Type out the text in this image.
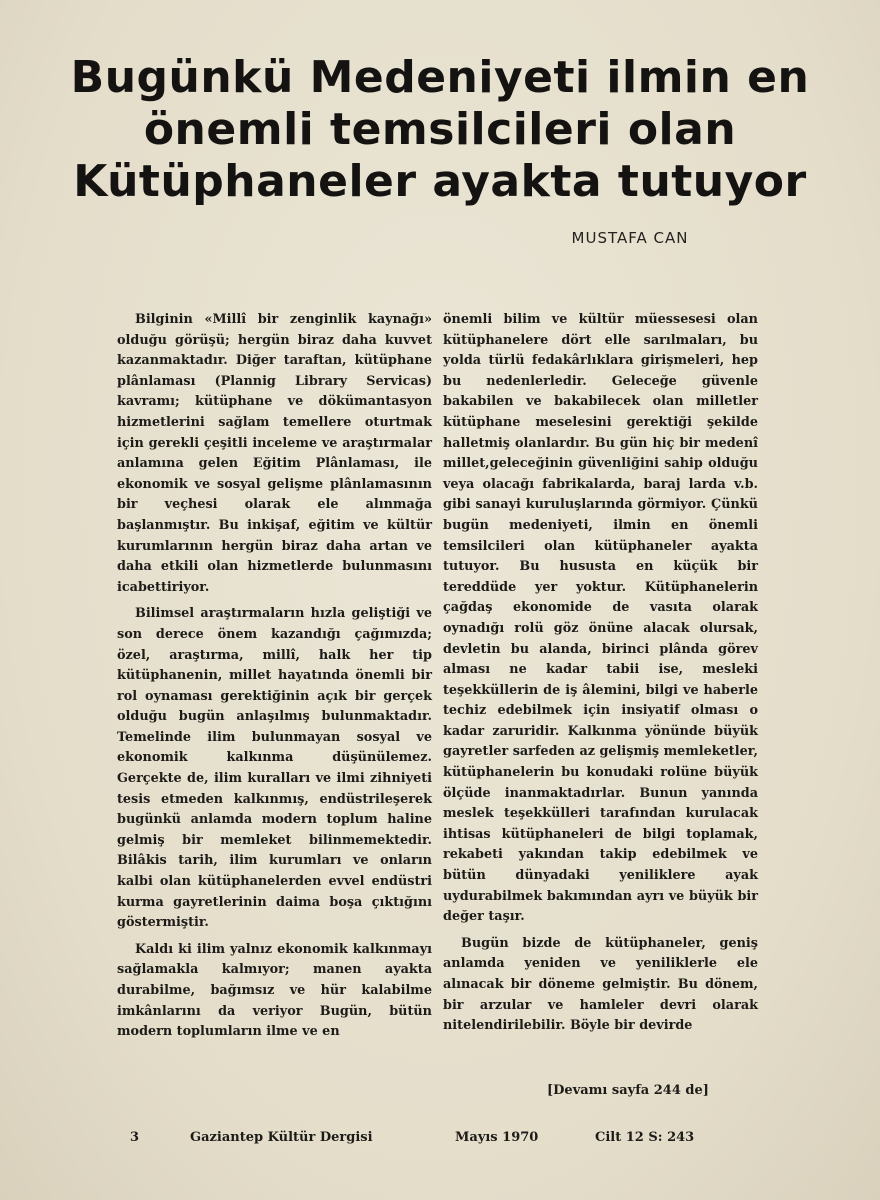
Bugünkü Medeniyeti ilmin en
önemli temsilcileri olan
Kütüphaneler ayakta tutuyor
MUSTAFA CAN

Bilginin «Millî bir zenginlik kaynağı» olduğu görüşü; hergün biraz daha kuvvet kazanmaktadır. Diğer taraftan, kütüphane plânlaması (Plannig Library Servicas) kavramı; kütüphane ve dökümantasyon hizmetlerini sağlam temellere oturtmak için gerekli çeşitli inceleme ve araştırmalar anlamına gelen Eğitim Plânlaması, ile ekonomik ve sosyal gelişme plânlamasının bir veçhesi olarak ele alınmağa başlanmıştır. Bu inkişaf, eğitim ve kültür kurumlarının hergün biraz daha artan ve daha etkili olan hizmetlerde bulunmasını icabettiriyor.

Bilimsel araştırmaların hızla geliştiği ve son derece önem kazandığı çağımızda; özel, araştırma, millî, halk her tip kütüphanenin, millet hayatında önemli bir rol oynaması gerektiğinin açık bir gerçek olduğu bugün anlaşılmış bulunmaktadır. Temelinde ilim bulunmayan sosyal ve ekonomik kalkınma düşünülemez. Gerçekte de, ilim kuralları ve ilmi zihniyeti tesis etmeden kalkınmış, endüstrileşerek bugünkü anlamda modern toplum haline gelmiş bir memleket bilinmemektedir. Bilâkis tarih, ilim kurumları ve onların kalbi olan kütüphanelerden evvel endüstri kurma gayretlerinin daima boşa çıktığını göstermiştir.

Kaldı ki ilim yalnız ekonomik kalkınmayı sağlamakla kalmıyor; manen ayakta durabilme, bağımsız ve hür kalabilme imkânlarını da veriyor Bugün, bütün modern toplumların ilme ve en

önemli bilim ve kültür müessesesi olan kütüphanelere dört elle sarılmaları, bu yolda türlü fedakârlıklara girişmeleri, hep bu nedenlerledir. Geleceğe güvenle bakabilen ve bakabilecek olan milletler kütüphane meselesini gerektiği şekilde halletmiş olanlardır. Bu gün hiç bir medenî millet,geleceğinin güvenliğini sahip olduğu veya olacağı fabrikalarda, baraj larda v.b. gibi sanayi kuruluşlarında görmiyor. Çünkü bugün medeniyeti, ilmin en önemli temsilcileri olan kütüphaneler ayakta tutuyor. Bu hususta en küçük bir tereddüde yer yoktur. Kütüphanelerin çağdaş ekonomide de vasıta olarak oynadığı rolü göz önüne alacak olursak, devletin bu alanda, birinci plânda görev alması ne kadar tabii ise, mesleki teşekküllerin de iş âlemini, bilgi ve haberle techiz edebilmek için insiyatif olması o kadar zaruridir. Kalkınma yönünde büyük gayretler sarfeden az gelişmiş memleketler, kütüphanelerin bu konudaki rolüne büyük ölçüde inanmaktadırlar. Bunun yanında meslek teşekkülleri tarafından kurulacak ihtisas kütüphaneleri de bilgi toplamak, rekabeti yakından takip edebilmek ve bütün dünyadaki yeniliklere ayak uydurabilmek bakımından ayrı ve büyük bir değer taşır.

Bugün bizde de kütüphaneler, geniş anlamda yeniden ve yeniliklerle ele alınacak bir döneme gelmiştir. Bu dönem, bir arzular ve hamleler devri olarak nitelendirilebilir. Böyle bir devirde

[Devamı sayfa 244 de]
3	Gaziantep Kültür Dergisi	Mayıs 1970	Cilt 12 S: 243
